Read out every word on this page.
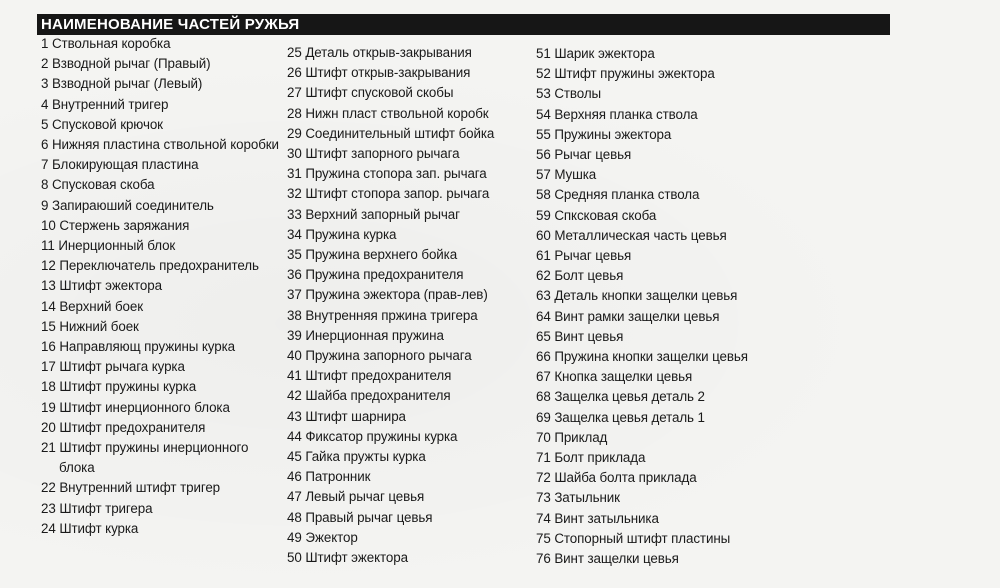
НАИМЕНОВАНИЕ ЧАСТЕЙ РУЖЬЯ
1 Ствольная коробка
2 Взводной рычаг (Правый)
3 Взводной рычаг (Левый)
4 Внутренний тригер
5 Спусковой крючок
6 Нижняя пластина ствольной коробки
7 Блокирующая пластина
8 Спусковая скоба
9 Запираюший соединитель
10 Стержень заряжания
11 Инерционный блок
12 Переключатель предохранитель
13 Штифт эжектора
14 Верхний боек
15 Нижний боек
16 Направляющ пружины курка
17 Штифт рычага курка
18 Штифт пружины курка
19 Штифт инерционного блока
20 Штифт предохранителя
21 Штифт пружины инерционного блока
22 Внутренний штифт тригер
23 Штифт тригера
24 Штифт курка
25 Деталь открыв-закрывания
26 Штифт открыв-закрывания
27 Штифт спусковой скобы
28 Нижн пласт ствольной коробк
29 Соединительный штифт бойка
30 Штифт запорного рычага
31 Пружина стопора зап. рычага
32 Штифт стопора запор. рычага
33 Верхний запорный рычаг
34 Пружина курка
35 Пружина верхнего бойка
36 Пружина предохранителя
37 Пружина эжектора (прав-лев)
38 Внутренняя пржина тригера
39 Инерционная пружина
40 Пружина запорного рычага
41 Штифт предохранителя
42 Шайба предохранителя
43 Штифт шарнира
44 Фиксатор пружины курка
45 Гайка пружты курка
46 Патронник
47 Левый рычаг цевья
48 Правый рычаг цевья
49 Эжектор
50 Штифт эжектора
51 Шарик эжектора
52 Штифт пружины эжектора
53 Стволы
54 Верхняя планка ствола
55 Пружины эжектора
56 Рычаг цевья
57 Мушка
58 Средняя планка ствола
59 Спксковая скоба
60 Металлическая часть цевья
61 Рычаг цевья
62 Болт цевья
63 Деталь кнопки защелки цевья
64 Винт рамки защелки цевья
65 Винт цевья
66 Пружина кнопки защелки цевья
67 Кнопка защелки цевья
68 Защелка цевья деталь 2
69 Защелка цевья деталь 1
70 Приклад
71 Болт приклада
72 Шайба болта приклада
73 Затыльник
74 Винт затыльника
75 Стопорный штифт пластины
76 Винт защелки цевья
